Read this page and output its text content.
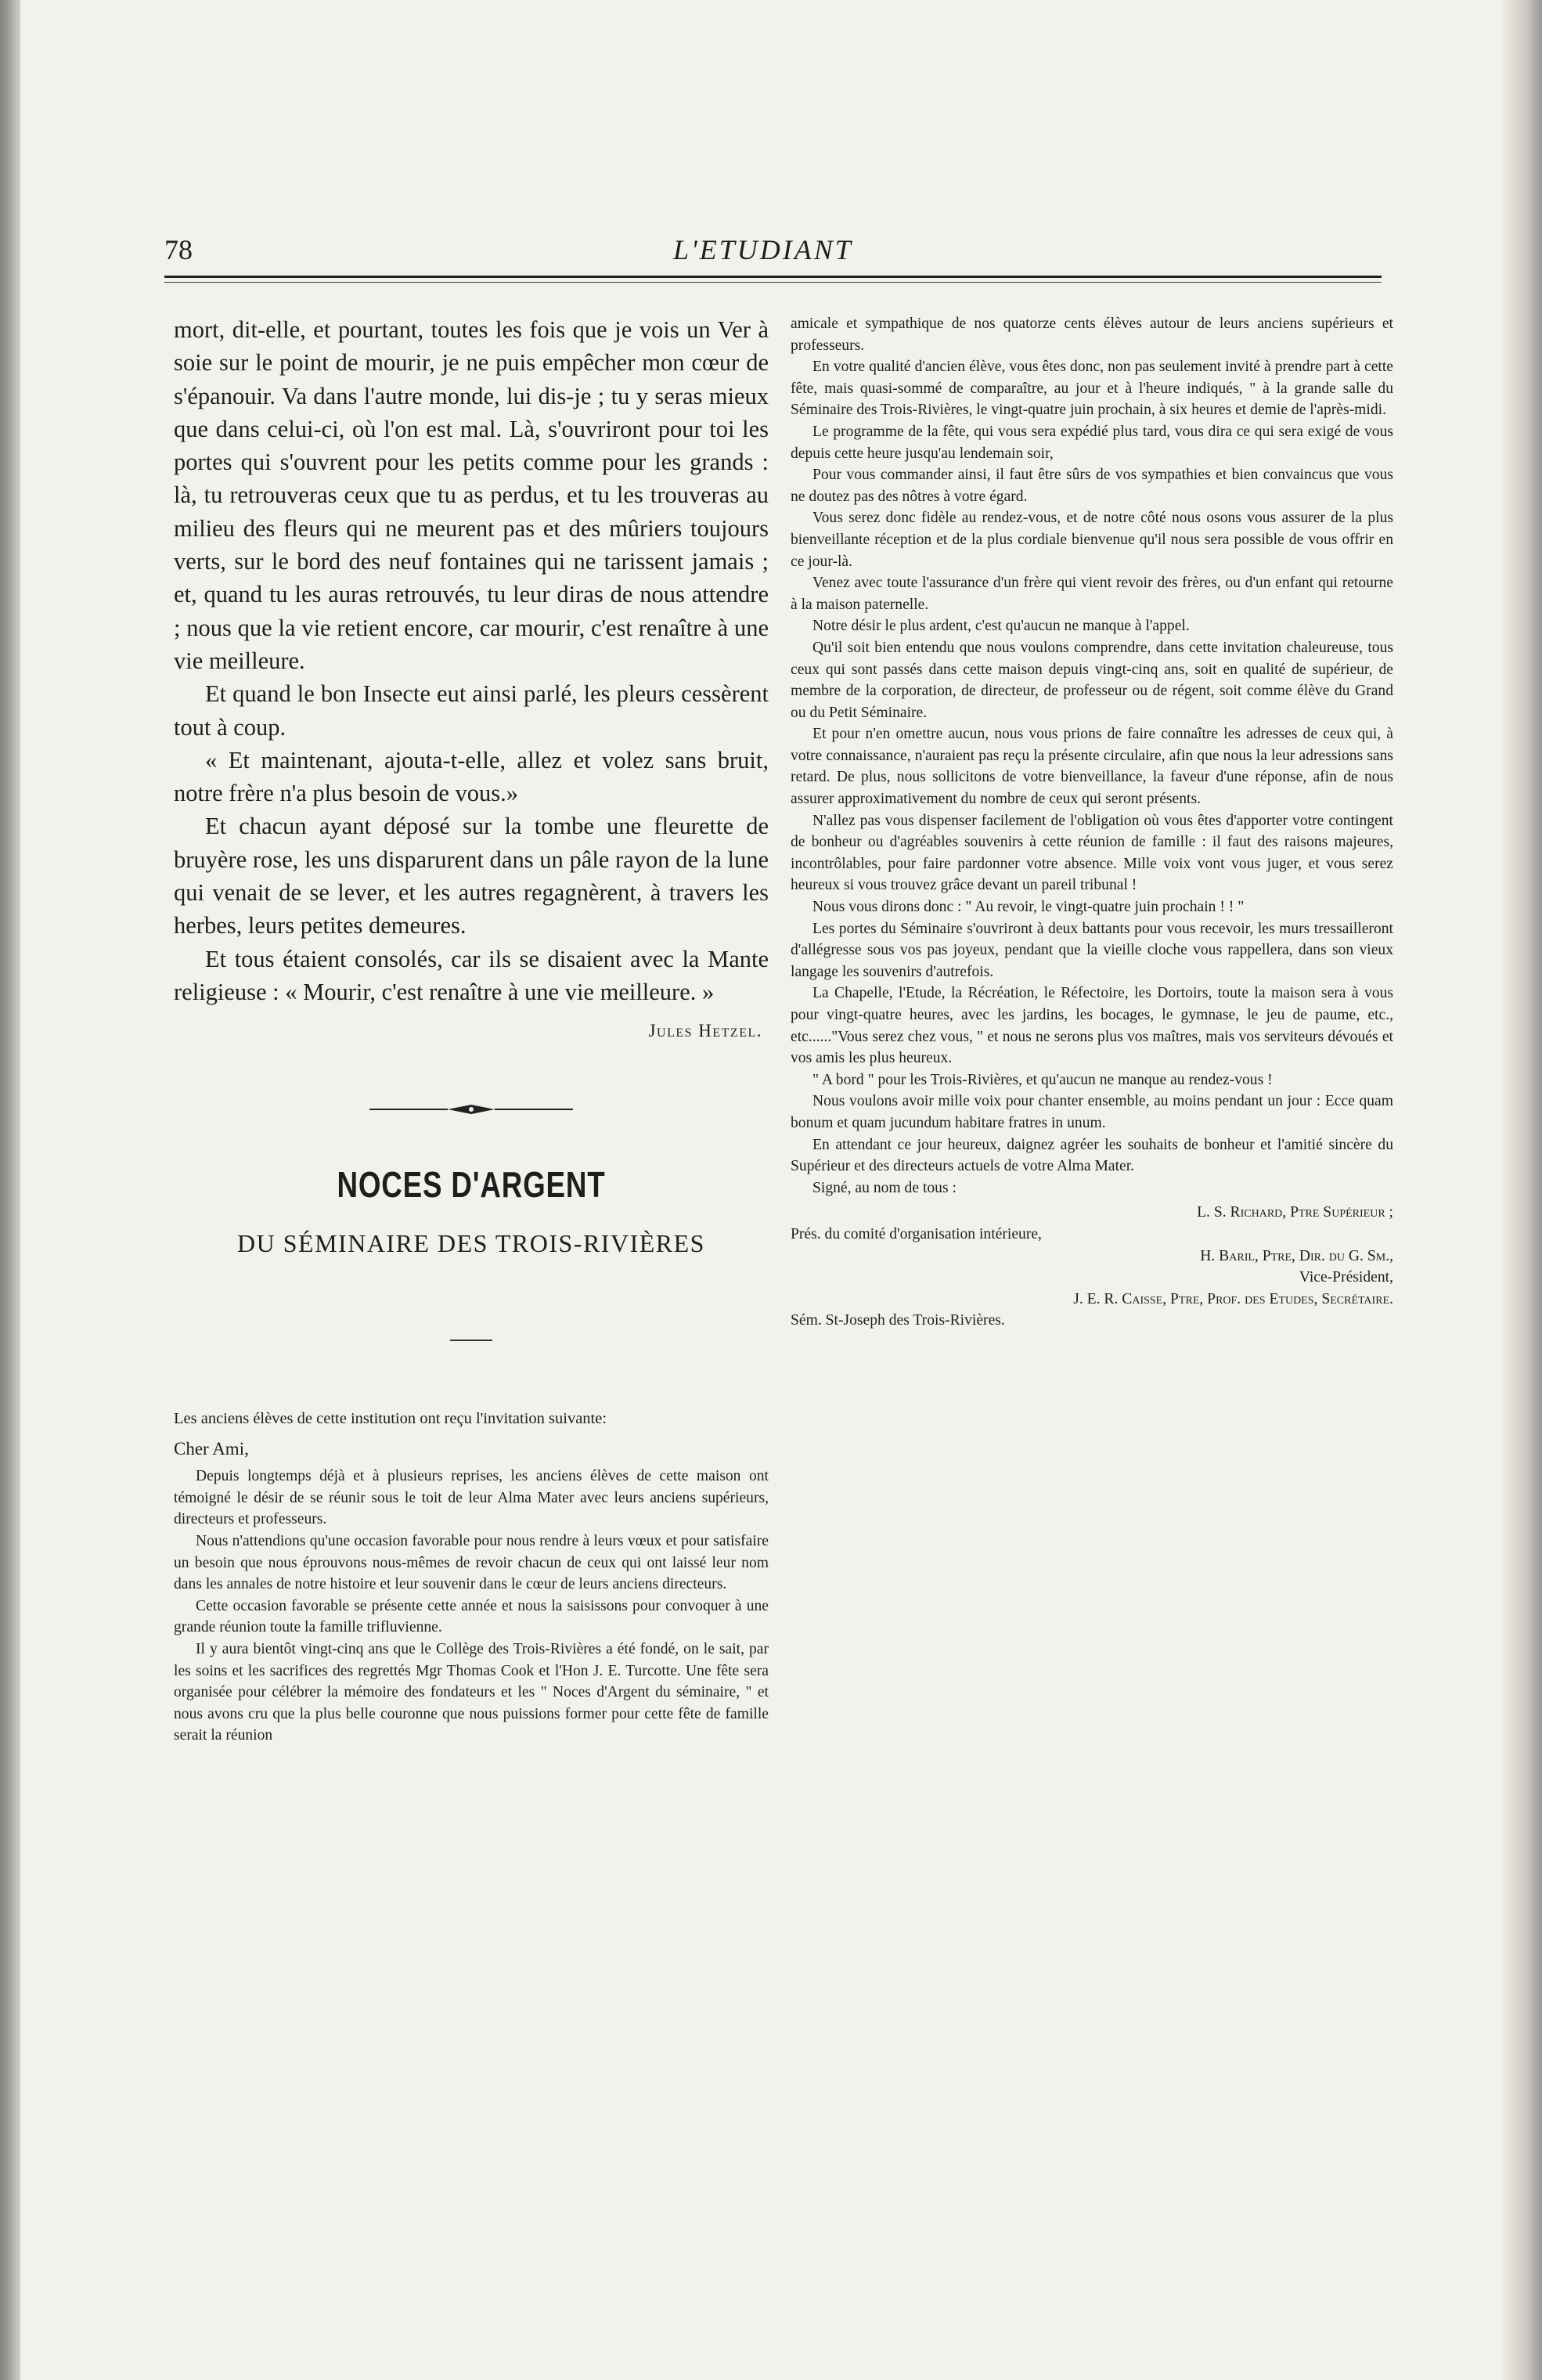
78	L'ETUDIANT

mort, dit-elle, et pourtant, toutes les fois que je vois un Ver à soie sur le point de mourir, je ne puis empêcher mon cœur de s'épanouir. Va dans l'autre monde, lui dis-je ; tu y seras mieux que dans celui-ci, où l'on est mal. Là, s'ouvriront pour toi les portes qui s'ouvrent pour les petits comme pour les grands : là, tu retrouveras ceux que tu as perdus, et tu les trouveras au milieu des fleurs qui ne meurent pas et des mûriers toujours verts, sur le bord des neuf fontaines qui ne tarissent jamais ; et, quand tu les auras retrouvés, tu leur diras de nous attendre ; nous que la vie retient encore, car mourir, c'est renaître à une vie meilleure.

Et quand le bon Insecte eut ainsi parlé, les pleurs cessèrent tout à coup.

« Et maintenant, ajouta-t-elle, allez et volez sans bruit, notre frère n'a plus besoin de vous.»

Et chacun ayant déposé sur la tombe une fleurette de bruyère rose, les uns disparurent dans un pâle rayon de la lune qui venait de se lever, et les autres regagnèrent, à travers les herbes, leurs petites demeures.

Et tous étaient consolés, car ils se disaient avec la Mante religieuse : « Mourir, c'est renaître à une vie meilleure. »

Jules Hetzel.

NOCES D'ARGENT
DU SÉMINAIRE DES TROIS-RIVIÈRES

Les anciens élèves de cette institution ont reçu l'invitation suivante:

Cher Ami,

Depuis longtemps déjà et à plusieurs reprises, les anciens élèves de cette maison ont témoigné le désir de se réunir sous le toit de leur Alma Mater avec leurs anciens supérieurs, directeurs et professeurs.

Nous n'attendions qu'une occasion favorable pour nous rendre à leurs vœux et pour satisfaire un besoin que nous éprouvons nous-mêmes de revoir chacun de ceux qui ont laissé leur nom dans les annales de notre histoire et leur souvenir dans le cœur de leurs anciens directeurs.

Cette occasion favorable se présente cette année et nous la saisissons pour convoquer à une grande réunion toute la famille trifluvienne.

Il y aura bientôt vingt-cinq ans que le Collège des Trois-Rivières a été fondé, on le sait, par les soins et les sacrifices des regrettés Mgr Thomas Cook et l'Hon J. E. Turcotte. Une fête sera organisée pour célébrer la mémoire des fondateurs et les " Noces d'Argent du séminaire, " et nous avons cru que la plus belle couronne que nous puissions former pour cette fête de famille serait la réunion

amicale et sympathique de nos quatorze cents élèves autour de leurs anciens supérieurs et professeurs.

En votre qualité d'ancien élève, vous êtes donc, non pas seulement invité à prendre part à cette fête, mais quasi-sommé de comparaître, au jour et à l'heure indiqués, " à la grande salle du Séminaire des Trois-Rivières, le vingt-quatre juin prochain, à six heures et demie de l'après-midi.

Le programme de la fête, qui vous sera expédié plus tard, vous dira ce qui sera exigé de vous depuis cette heure jusqu'au lendemain soir,

Pour vous commander ainsi, il faut être sûrs de vos sympathies et bien convaincus que vous ne doutez pas des nôtres à votre égard.

Vous serez donc fidèle au rendez-vous, et de notre côté nous osons vous assurer de la plus bienveillante réception et de la plus cordiale bienvenue qu'il nous sera possible de vous offrir en ce jour-là.

Venez avec toute l'assurance d'un frère qui vient revoir des frères, ou d'un enfant qui retourne à la maison paternelle.

Notre désir le plus ardent, c'est qu'aucun ne manque à l'appel.

Qu'il soit bien entendu que nous voulons comprendre, dans cette invitation chaleureuse, tous ceux qui sont passés dans cette maison depuis vingt-cinq ans, soit en qualité de supérieur, de membre de la corporation, de directeur, de professeur ou de régent, soit comme élève du Grand ou du Petit Séminaire.

Et pour n'en omettre aucun, nous vous prions de faire connaître les adresses de ceux qui, à votre connaissance, n'auraient pas reçu la présente circulaire, afin que nous la leur adressions sans retard. De plus, nous sollicitons de votre bienveillance, la faveur d'une réponse, afin de nous assurer approximativement du nombre de ceux qui seront présents.

N'allez pas vous dispenser facilement de l'obligation où vous êtes d'apporter votre contingent de bonheur ou d'agréables souvenirs à cette réunion de famille : il faut des raisons majeures, incontrôlables, pour faire pardonner votre absence. Mille voix vont vous juger, et vous serez heureux si vous trouvez grâce devant un pareil tribunal !

Nous vous dirons donc : " Au revoir, le vingt-quatre juin prochain ! ! "

Les portes du Séminaire s'ouvriront à deux battants pour vous recevoir, les murs tressailleront d'allégresse sous vos pas joyeux, pendant que la vieille cloche vous rappellera, dans son vieux langage les souvenirs d'autrefois.

La Chapelle, l'Etude, la Récréation, le Réfectoire, les Dortoirs, toute la maison sera à vous pour vingt-quatre heures, avec les jardins, les bocages, le gymnase, le jeu de paume, etc., etc......"Vous serez chez vous, " et nous ne serons plus vos maîtres, mais vos serviteurs dévoués et vos amis les plus heureux.

" A bord " pour les Trois-Rivières, et qu'aucun ne manque au rendez-vous !

Nous voulons avoir mille voix pour chanter ensemble, au moins pendant un jour : Ecce quam bonum et quam jucundum habitare fratres in unum.

En attendant ce jour heureux, daignez agréer les souhaits de bonheur et l'amitié sincère du Supérieur et des directeurs actuels de votre Alma Mater.

Signé, au nom de tous :

L. S. Richard, Ptre Supérieur ;
Prés. du comité d'organisation intérieure,
H. Baril, Ptre, Dir. du G. Sm.,
Vice-Président,
J. E. R. Caisse, Ptre, Prof. des Etudes, Secrétaire.
Sém. St-Joseph des Trois-Rivières.
